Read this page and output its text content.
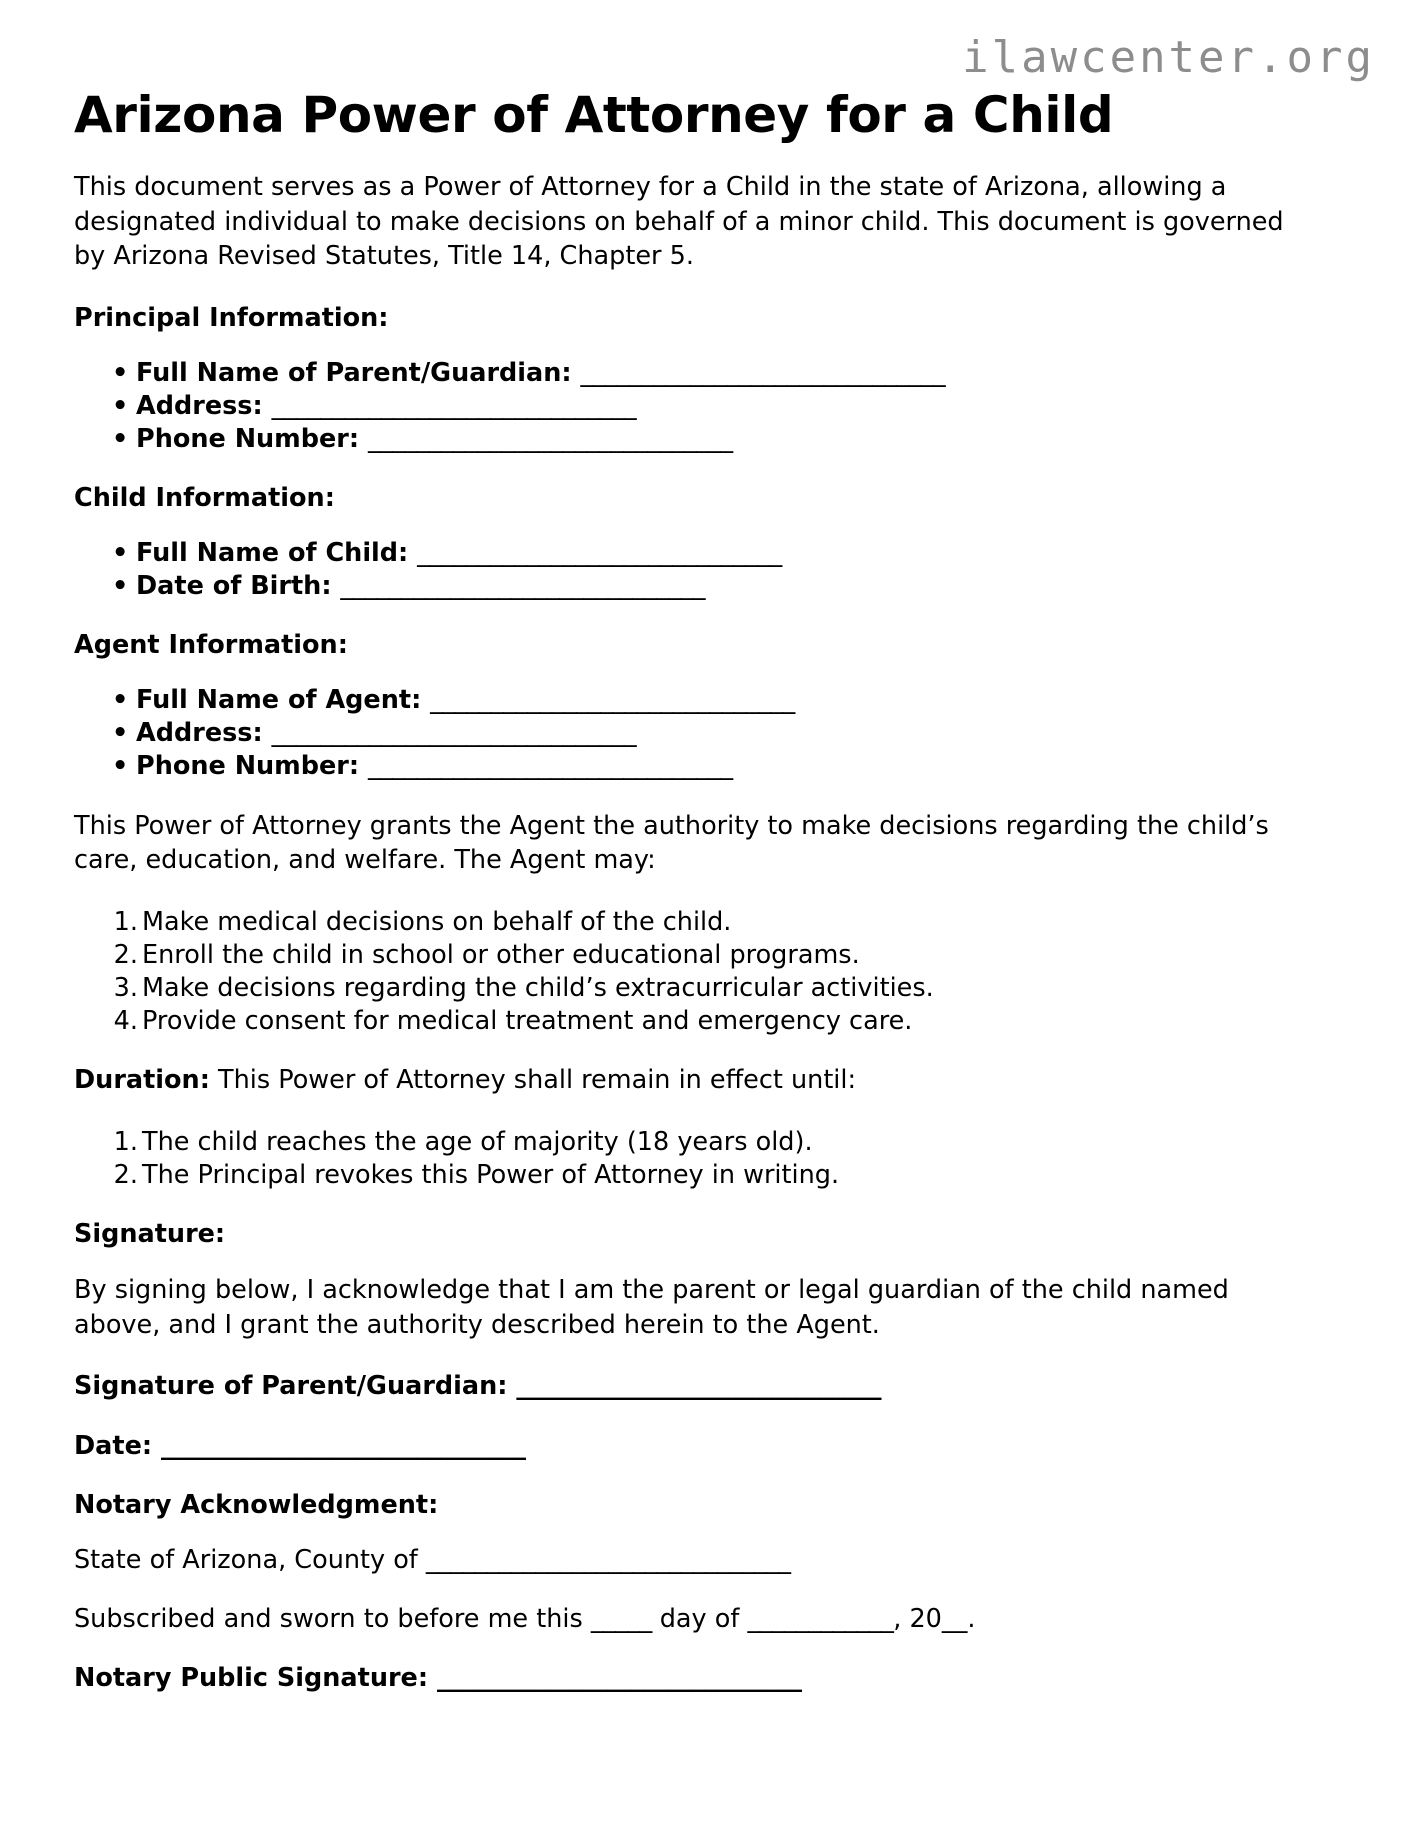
ilawcenter.org
Arizona Power of Attorney for a Child

This document serves as a Power of Attorney for a Child in the state of Arizona, allowing a designated individual to make decisions on behalf of a minor child. This document is governed by Arizona Revised Statutes, Title 14, Chapter 5.

Principal Information:
• Full Name of Parent/Guardian: ______________________________
• Address: ______________________________
• Phone Number: ______________________________
Child Information:
• Full Name of Child: ______________________________
• Date of Birth: ______________________________
Agent Information:
• Full Name of Agent: ______________________________
• Address: ______________________________
• Phone Number: ______________________________

This Power of Attorney grants the Agent the authority to make decisions regarding the child’s care, education, and welfare. The Agent may:

Make medical decisions on behalf of the child.
Enroll the child in school or other educational programs.
Make decisions regarding the child’s extracurricular activities.
Provide consent for medical treatment and emergency care.

Duration: This Power of Attorney shall remain in effect until:

The child reaches the age of majority (18 years old).
The Principal revokes this Power of Attorney in writing.
Signature:

By signing below, I acknowledge that I am the parent or legal guardian of the child named above, and I grant the authority described herein to the Agent.

Signature of Parent/Guardian: ______________________________
Date: ______________________________
Notary Acknowledgment:
State of Arizona, County of ______________________________
Subscribed and sworn to before me this _____ day of ____________, 20__.
Notary Public Signature: ______________________________
